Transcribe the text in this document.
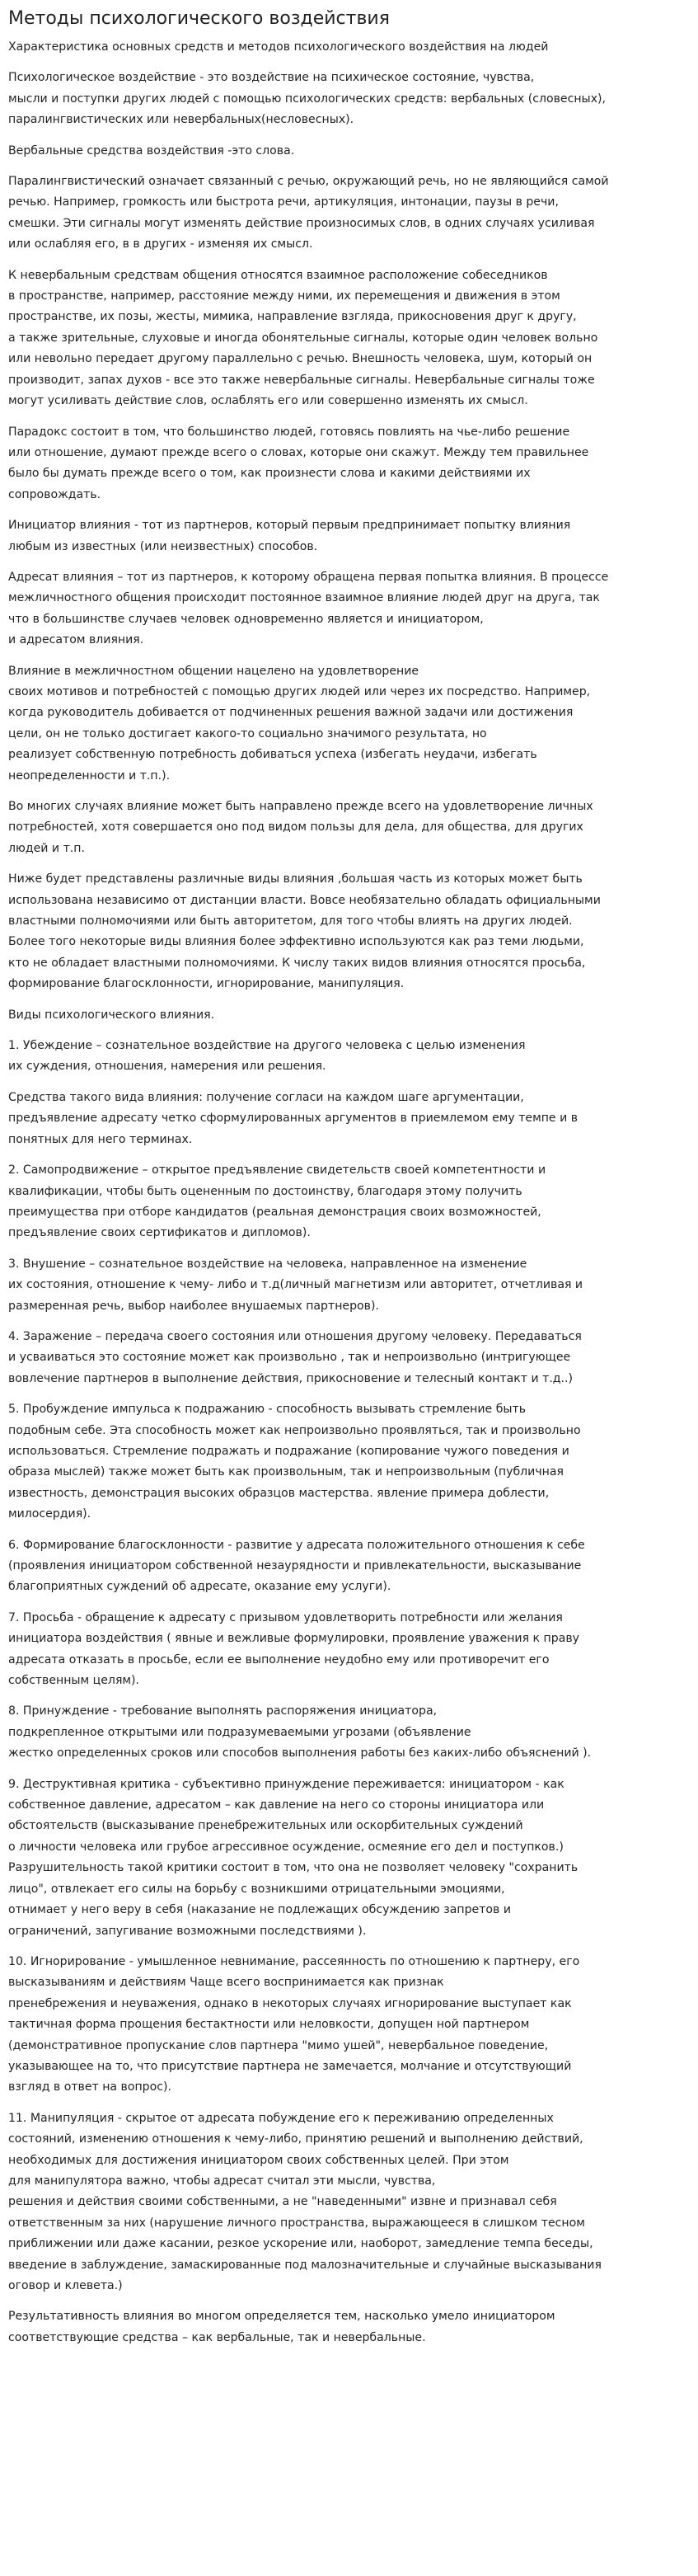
Методы психологического воздействия

Характеристика основных средств и методов психологического воздействия на людей

Психологическое воздействие - это воздействие на психическое состояние, чувства,
мысли и поступки других людей с помощью психологических средств: вербальных (словесных),
паралингвистических или невербальных(несловесных).

Вербальные средства воздействия -это слова.

Паралингвистический означает связанный с речью, окружающий речь, но не являющийся самой
речью. Например, громкость или быстрота речи, артикуляция, интонации, паузы в речи,
смешки. Эти сигналы могут изменять действие произносимых слов, в одних случаях усиливая
или ослабляя его, в в других - изменяя их смысл.

К невербальным средствам общения относятся взаимное расположение собеседников
в пространстве, например, расстояние между ними, их перемещения и движения в этом
пространстве, их позы, жесты, мимика, направление взгляда, прикосновения друг к другу,
а также зрительные, слуховые и иногда обонятельные сигналы, которые один человек вольно
или невольно передает другому параллельно с речью. Внешность человека, шум, который он
производит, запах духов - все это также невербальные сигналы. Невербальные сигналы тоже
могут усиливать действие слов, ослаблять его или совершенно изменять их смысл.

Парадокс состоит в том, что большинство людей, готовясь повлиять на чье-либо решение
или отношение, думают прежде всего о словах, которые они скажут. Между тем правильнее
было бы думать прежде всего о том, как произнести слова и какими действиями их
сопровождать.

Инициатор влияния - тот из партнеров, который первым предпринимает попытку влияния
любым из известных (или неизвестных) способов.

Адресат влияния – тот из партнеров, к которому обращена первая попытка влияния. В процессе
межличностного общения происходит постоянное взаимное влияние людей друг на друга, так
что в большинстве случаев человек одновременно является и инициатором,
и адресатом влияния.

Влияние в межличностном общении нацелено на удовлетворение
своих мотивов и потребностей с помощью других людей или через их посредство. Например,
когда руководитель добивается от подчиненных решения важной задачи или достижения
цели, он не только достигает какого-то социально значимого результата, но
реализует собственную потребность добиваться успеха (избегать неудачи, избегать
неопределенности и т.п.).

Во многих случаях влияние может быть направлено прежде всего на удовлетворение личных
потребностей, хотя совершается оно под видом пользы для дела, для общества, для других
людей и т.п.

Ниже будет представлены различные виды влияния ,большая часть из которых может быть
использована независимо от дистанции власти. Вовсе необязательно обладать официальными
властными полномочиями или быть авторитетом, для того чтобы влиять на других людей.
Более того некоторые виды влияния более эффективно используются как раз теми людьми,
кто не обладает властными полномочиями. К числу таких видов влияния относятся просьба,
формирование благосклонности, игнорирование, манипуляция.

Виды психологического влияния.

1. Убеждение – сознательное воздействие на другого человека с целью изменения
их суждения, отношения, намерения или решения.

Средства такого вида влияния: получение согласи на каждом шаге аргументации,
предъявление адресату четко сформулированных аргументов в приемлемом ему темпе и в
понятных для него терминах.

2. Самопродвижение – открытое предъявление свидетельств своей компетентности и
квалификации, чтобы быть оцененным по достоинству, благодаря этому получить
преимущества при отборе кандидатов (реальная демонстрация своих возможностей,
предъявление своих сертификатов и дипломов).

3. Внушение – сознательное воздействие на человека, направленное на изменение
их состояния, отношение к чему- либо и т.д(личный магнетизм или авторитет, отчетливая и
размеренная речь, выбор наиболее внушаемых партнеров).

4. Заражение – передача своего состояния или отношения другому человеку. Передаваться
и усваиваться это состояние может как произвольно , так и непроизвольно (интригующее
вовлечение партнеров в выполнение действия, прикосновение и телесный контакт и т.д..)

5. Пробуждение импульса к подражанию - способность вызывать стремление быть
подобным себе. Эта способность может как непроизвольно проявляться, так и произвольно
использоваться. Стремление подражать и подражание (копирование чужого поведения и
образа мыслей) также может быть как произвольным, так и непроизвольным (публичная
известность, демонстрация высоких образцов мастерства. явление примера доблести,
милосердия).

6. Формирование благосклонности - развитие у адресата положительного отношения к себе
(проявления инициатором собственной незаурядности и привлекательности, высказывание
благоприятных суждений об адресате, оказание ему услуги).

7. Просьба - обращение к адресату с призывом удовлетворить потребности или желания
инициатора воздействия ( явные и вежливые формулировки, проявление уважения к праву
адресата отказать в просьбе, если ее выполнение неудобно ему или противоречит его
собственным целям).

8. Принуждение - требование выполнять распоряжения инициатора,
подкрепленное открытыми или подразумеваемыми угрозами (объявление
жестко определенных сроков или способов выполнения работы без каких-либо объяснений ).

9. Деструктивная критика - субъективно принуждение переживается: инициатором - как
собственное давление, адресатом – как давление на него со стороны инициатора или
обстоятельств (высказывание пренебрежительных или оскорбительных суждений
о личности человека или грубое агрессивное осуждение, осмеяние его дел и поступков.)
Разрушительность такой критики состоит в том, что она не позволяет человеку "сохранить
лицо", отвлекает его силы на борьбу с возникшими отрицательными эмоциями,
отнимает у него веру в себя (наказание не подлежащих обсуждению запретов и
ограничений, запугивание возможными последствиями ).

10. Игнорирование - умышленное невнимание, рассеянность по отношению к партнеру, его
высказываниям и действиям Чаще всего воспринимается как признак
пренебрежения и неуважения, однако в некоторых случаях игнорирование выступает как
тактичная форма прощения бестактности или неловкости, допущен ной партнером
(демонстративное пропускание слов партнера "мимо ушей", невербальное поведение,
указывающее на то, что присутствие партнера не замечается, молчание и отсутствующий
взгляд в ответ на вопрос).

11. Манипуляция - скрытое от адресата побуждение его к переживанию определенных
состояний, изменению отношения к чему-либо, принятию решений и выполнению действий,
необходимых для достижения инициатором своих собственных целей. При этом
для манипулятора важно, чтобы адресат считал эти мысли, чувства,
решения и действия своими собственными, а не "наведенными" извне и признавал себя
ответственным за них (нарушение личного пространства, выражающееся в слишком тесном
приближении или даже касании, резкое ускорение или, наоборот, замедление темпа беседы,
введение в заблуждение, замаскированные под малозначительные и случайные высказывания
оговор и клевета.)

Результативность влияния во многом определяется тем, насколько умело инициатором
соответствующие средства – как вербальные, так и невербальные.
